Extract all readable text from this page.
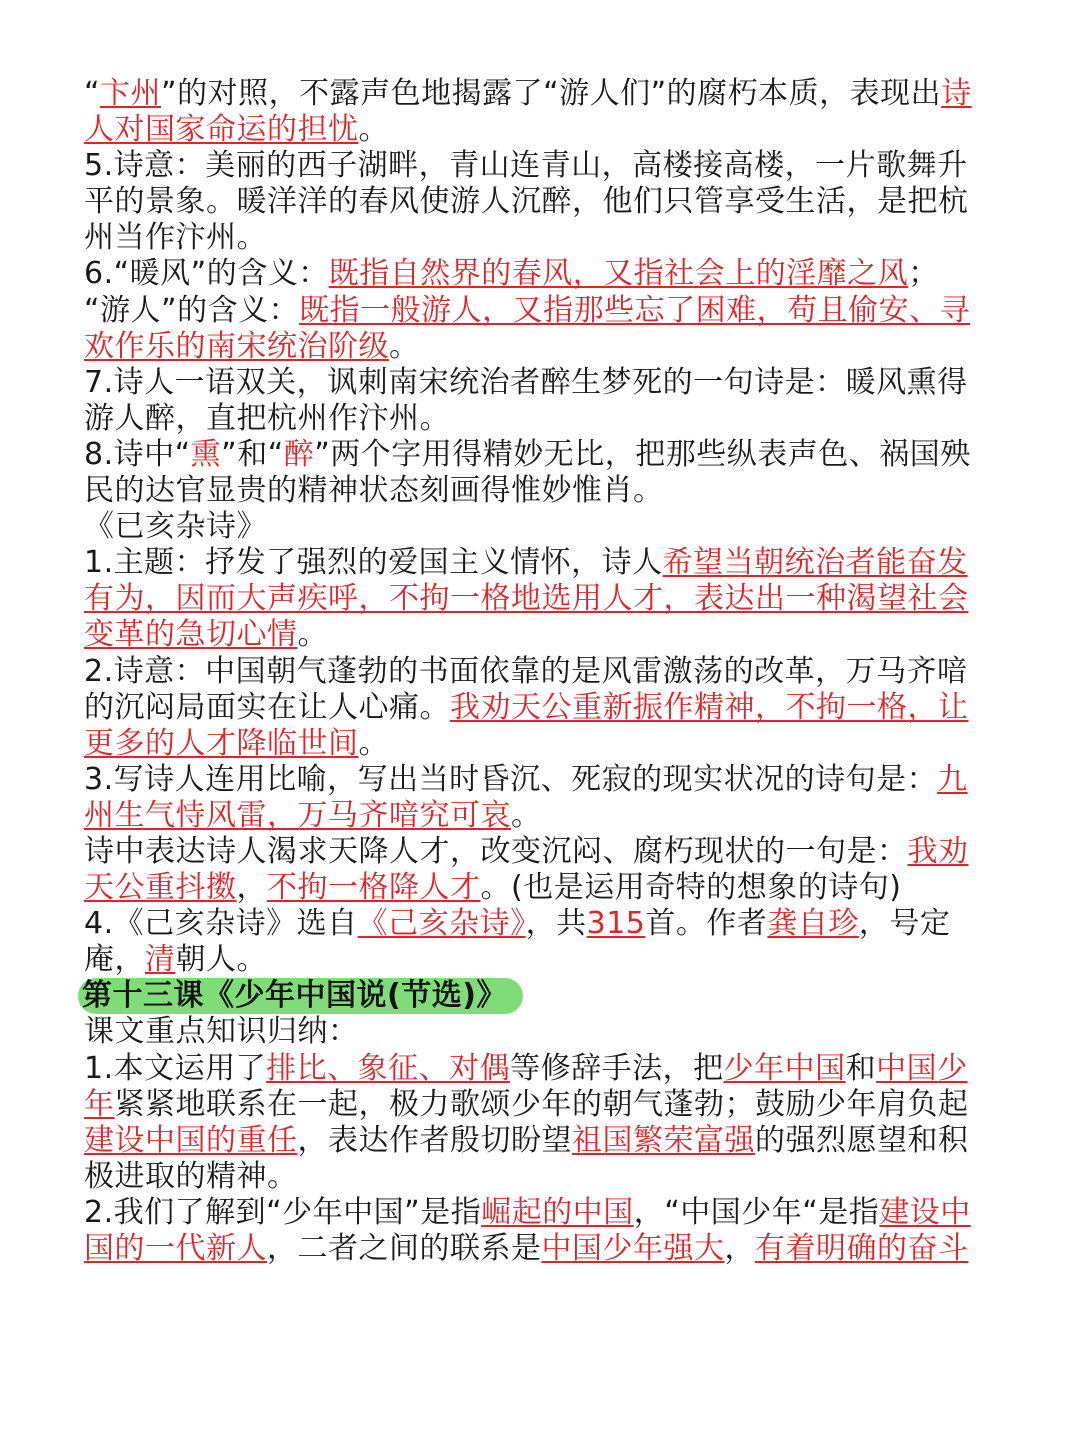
“卞州”的对照，不露声色地揭露了“游人们”的腐朽本质，表现出诗
人对国家命运的担忧。
5.诗意：美丽的西子湖畔，青山连青山，高楼接高楼，一片歌舞升
平的景象。暖洋洋的春风使游人沉醉，他们只管享受生活，是把杭
州当作汴州。
6.“暖风”的含义：既指自然界的春风，又指社会上的淫靡之风；
“游人”的含义：既指一般游人，又指那些忘了困难，苟且偷安、寻
欢作乐的南宋统治阶级。
7.诗人一语双关，讽刺南宋统治者醉生梦死的一句诗是：暖风熏得
游人醉，直把杭州作汴州。
8.诗中“熏”和“醉”两个字用得精妙无比，把那些纵表声色、祸国殃
民的达官显贵的精神状态刻画得惟妙惟肖。
《已亥杂诗》
1.主题：抒发了强烈的爱国主义情怀，诗人希望当朝统治者能奋发
有为，因而大声疾呼，不拘一格地选用人才，表达出一种渴望社会
变革的急切心情。
2.诗意：中国朝气蓬勃的书面依靠的是风雷激荡的改革，万马齐喑
的沉闷局面实在让人心痛。我劝天公重新振作精神，不拘一格，让
更多的人才降临世间。
3.写诗人连用比喻，写出当时昏沉、死寂的现实状况的诗句是：九
州生气恃风雷，万马齐喑究可哀。
诗中表达诗人渴求天降人才，改变沉闷、腐朽现状的一句是：我劝
天公重抖擞，不拘一格降人才。(也是运用奇特的想象的诗句)
4.《己亥杂诗》选自《己亥杂诗》，共315首。作者龚自珍，号定
庵，清朝人。
第十三课《少年中国说(节选)》
课文重点知识归纳：
1.本文运用了排比、象征、对偶等修辞手法，把少年中国和中国少
年紧紧地联系在一起，极力歌颂少年的朝气蓬勃；鼓励少年肩负起
建设中国的重任，表达作者殷切盼望祖国繁荣富强的强烈愿望和积
极进取的精神。
2.我们了解到“少年中国”是指崛起的中国，“中国少年“是指建设中
国的一代新人，二者之间的联系是中国少年强大，有着明确的奋斗
